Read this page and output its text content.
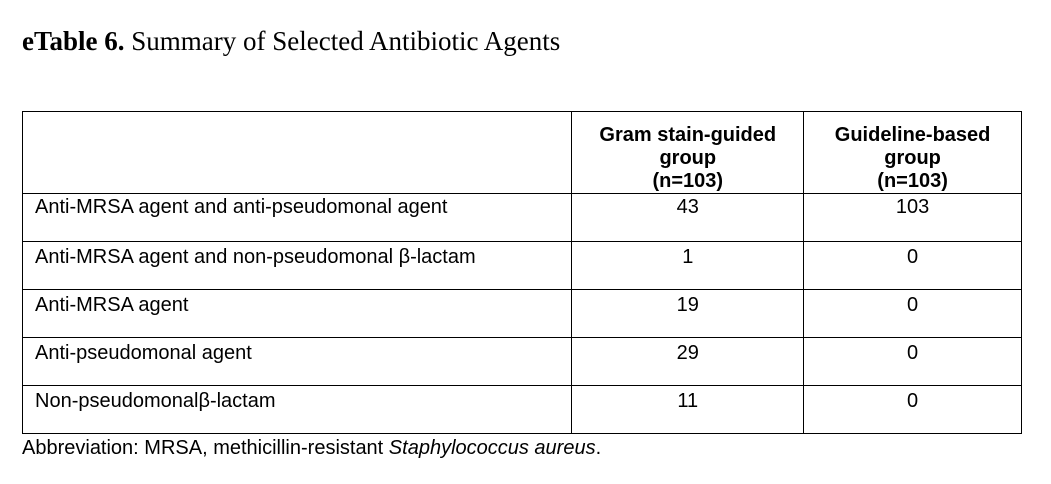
eTable 6. Summary of Selected Antibiotic Agents

	Gram stain-guided
group
(n=103)	Guideline-based
group
(n=103)

Anti-MRSA agent and anti-pseudomonal agent	43	103
Anti-MRSA agent and non-pseudomonal β-lactam	1	0
Anti-MRSA agent	19	0
Anti-pseudomonal agent	29	0
Non-pseudomonalβ-lactam	11	0

Abbreviation: MRSA, methicillin-resistant Staphylococcus aureus.
